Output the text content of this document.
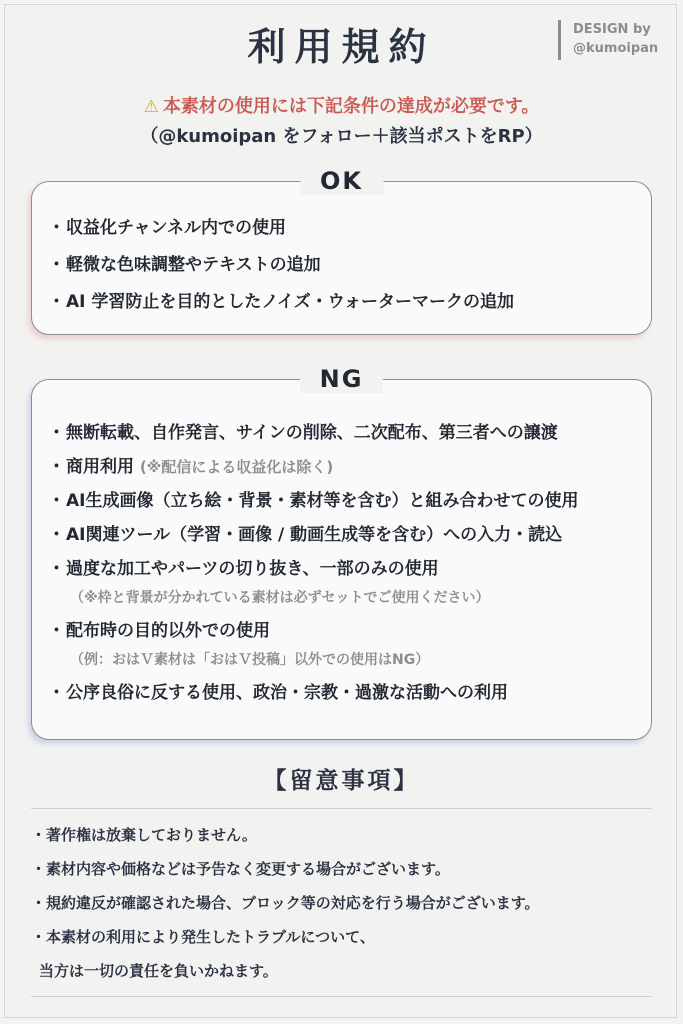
利用規約	DESIGN by
@kumoipan
⚠ 本素材の使用には下記条件の達成が必要です。
（@kumoipan をフォロー＋該当ポストをRP）
OK
・収益化チャンネル内での使用
・軽微な色味調整やテキストの追加
・AI 学習防止を目的としたノイズ・ウォーターマークの追加
NG
・無断転載、自作発言、サインの削除、二次配布、第三者への譲渡
・商用利用 (※配信による収益化は除く)
・AI生成画像（立ち絵・背景・素材等を含む）と組み合わせての使用
・AI関連ツール（学習・画像 / 動画生成等を含む）への入力・読込
・過度な加工やパーツの切り抜き、一部のみの使用
（※枠と背景が分かれている素材は必ずセットでご使用ください）
・配布時の目的以外での使用
（例：おはＶ素材は「おはＶ投稿」以外での使用はNG）
・公序良俗に反する使用、政治・宗教・過激な活動への利用
【留意事項】
・著作権は放棄しておりません。
・素材内容や価格などは予告なく変更する場合がございます。
・規約違反が確認された場合、ブロック等の対応を行う場合がございます。
・本素材の利用により発生したトラブルについて、
当方は一切の責任を負いかねます。
